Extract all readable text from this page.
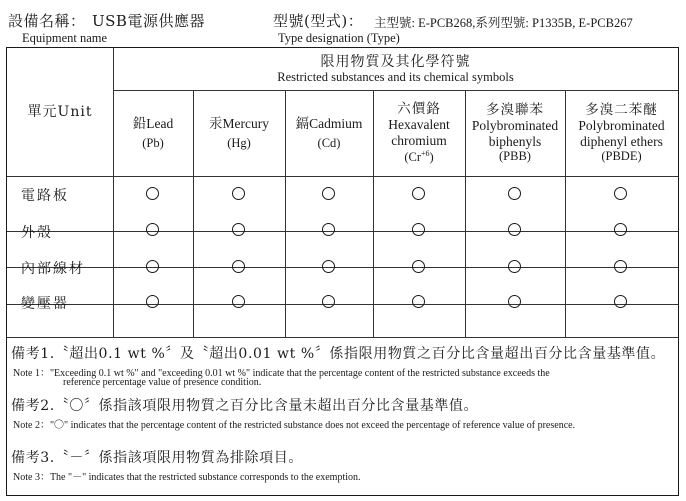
設備名稱： USB電源供應器
Equipment name
型號(型式)： 主型號: E-PCB268,系列型號: P1335B, E-PCB267
Type designation (Type)
單元Unit
限用物質及其化學符號
Restricted substances and its chemical symbols
鉛Lead
(Pb)
汞Mercury
(Hg)
鎘Cadmium
(Cd)
六價鉻
Hexavalent
chromium
$(Cr^{+6})$
多溴聯苯
Polybrominated
biphenyls
(PBB)
多溴二苯醚
Polybrominated
diphenyl ethers
(PBDE)
電路板
外殼
內部線材
變壓器
備考1.〝超出0.1 wt %〞及〝超出0.01 wt %〞係指限用物質之百分比含量超出百分比含量基準值。
Note 1："Exceeding 0.1 wt %" and "exceeding 0.01 wt %" indicate that the percentage content of the restricted substance exceeds the
reference percentage value of presence condition.
備考2.〝〇〞係指該項限用物質之百分比含量未超出百分比含量基準值。
Note 2："〇" indicates that the percentage content of the restricted substance does not exceed the percentage of reference value of presence.
備考3.〝－〞係指該項限用物質為排除項目。
Note 3：The "－" indicates that the restricted substance corresponds to the exemption.
